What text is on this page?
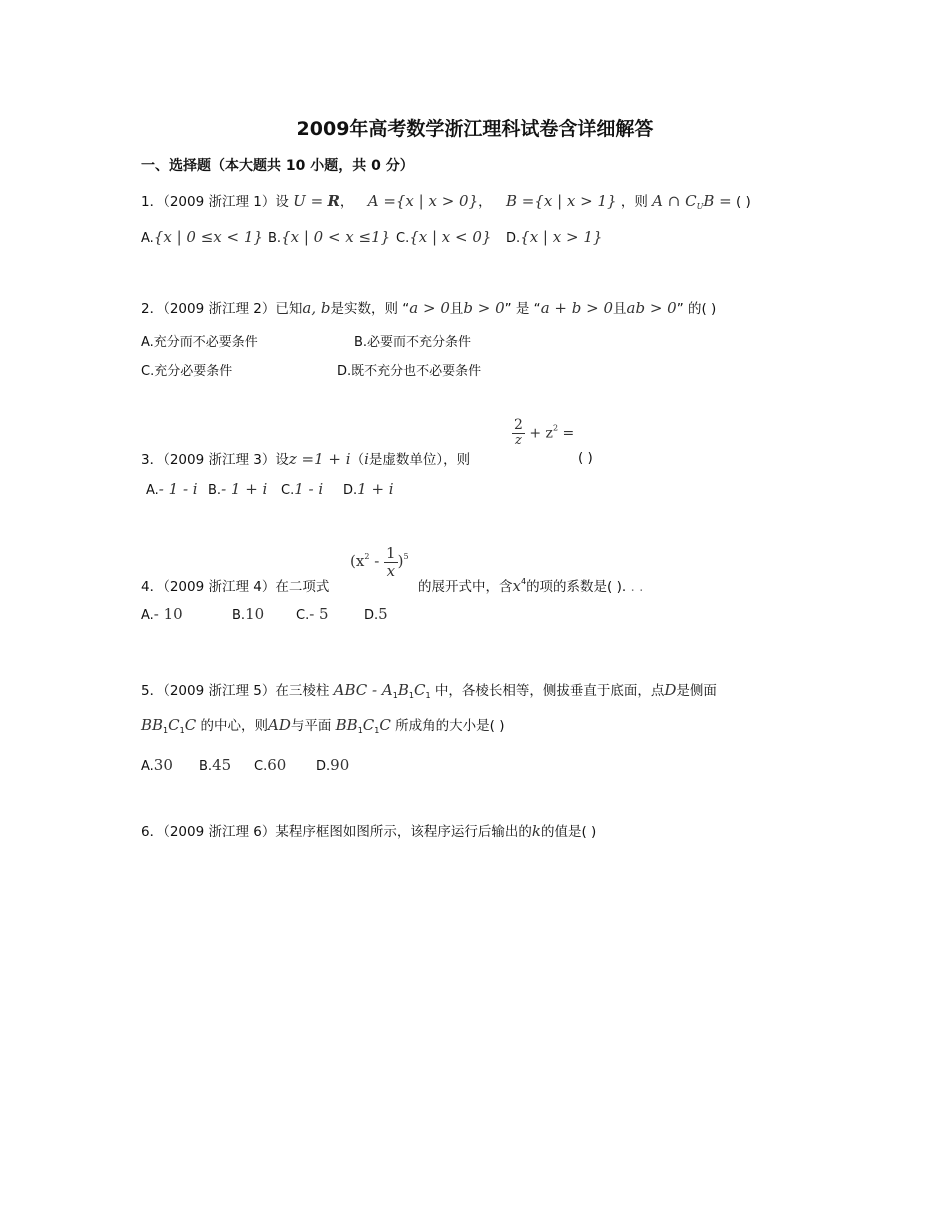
2009年高考数学浙江理科试卷含详细解答
一、选择题（本大题共 10 小题，共 0 分）
1．（2009 浙江理 1）设 U = R， A ={x | x > 0}， B ={x | x > 1} ，则 A ∩ $C_UB$ = ( )
A.{x | 0 ≤x < 1} B.{x | 0 < x ≤1} C.{x | x < 0} D.{x | x > 1}
2．（2009 浙江理 2）已知a, b是实数，则 “a > 0且b > 0” 是 “a + b > 0且ab > 0” 的( )
A.充分而不必要条件	B.必要而不充分条件
C.充分必要条件	D.既不充分也不必要条件
3．（2009 浙江理 3）设z =1 + i（i是虚数单位），则
$\frac{2}{z} + z^2$ =
( )
A.- 1 - i B.- 1 + i C.1 - i D.1 + i
4．（2009 浙江理 4）在二项式
$(x^2 - \frac{1}{x} )^5$
的展开式中，含$x^4$的项的系数是( ). . .
A.- 10	B.10 C.- 5	D.5
5．（2009 浙江理 5）在三棱柱 ABC - $A_1B_1C_1$ 中，各棱长相等，侧拔垂直于底面，点D是侧面
$BB_1C_1C$ 的中心，则AD与平面 $BB_1C_1C$ 所成角的大小是( )
A.30 B.45 C.60 D.90
6．（2009 浙江理 6）某程序框图如图所示，该程序运行后输出的k的值是( )
